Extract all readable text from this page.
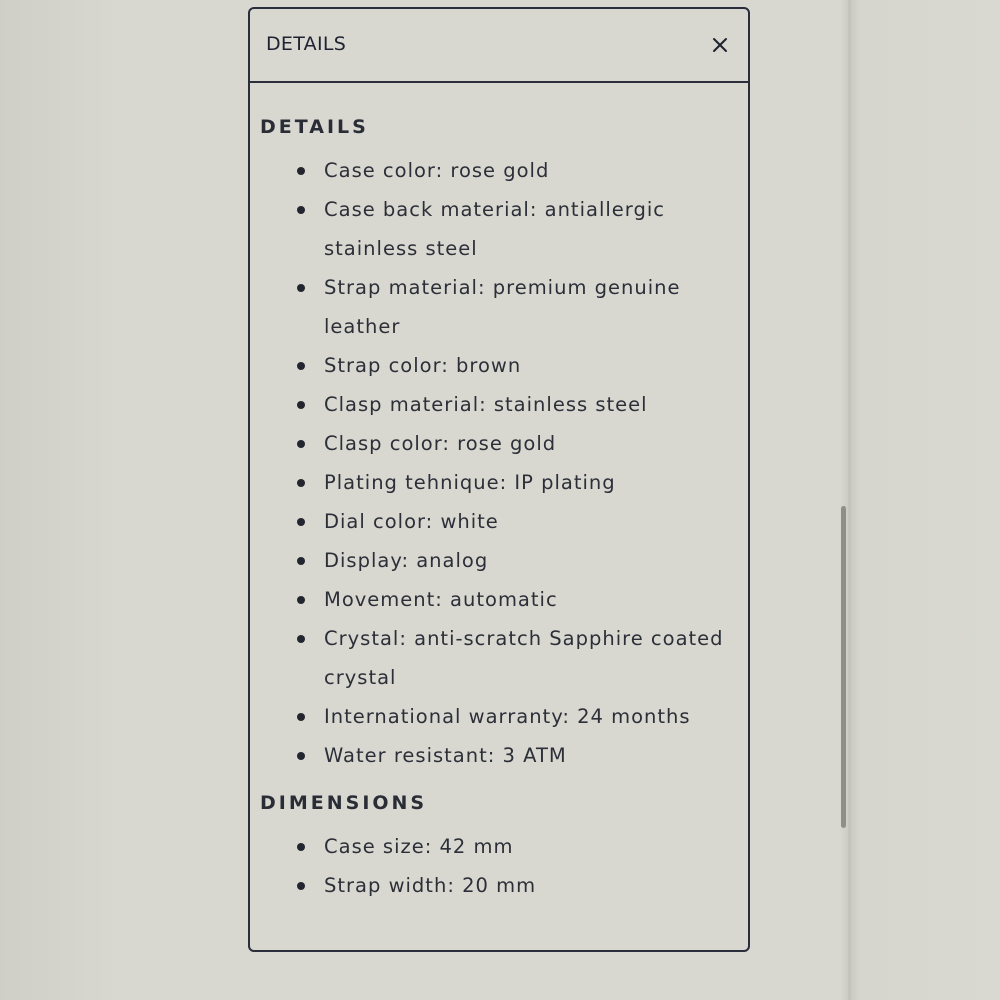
DETAILS
DETAILS
Case color: rose gold
Case back material: antiallergic stainless steel
Strap material: premium genuine leather
Strap color: brown
Clasp material: stainless steel
Clasp color: rose gold
Plating tehnique: IP plating
Dial color: white
Display: analog
Movement: automatic
Crystal: anti-scratch Sapphire coated crystal
International warranty: 24 months
Water resistant: 3 ATM
DIMENSIONS
Case size: 42 mm
Strap width: 20 mm
